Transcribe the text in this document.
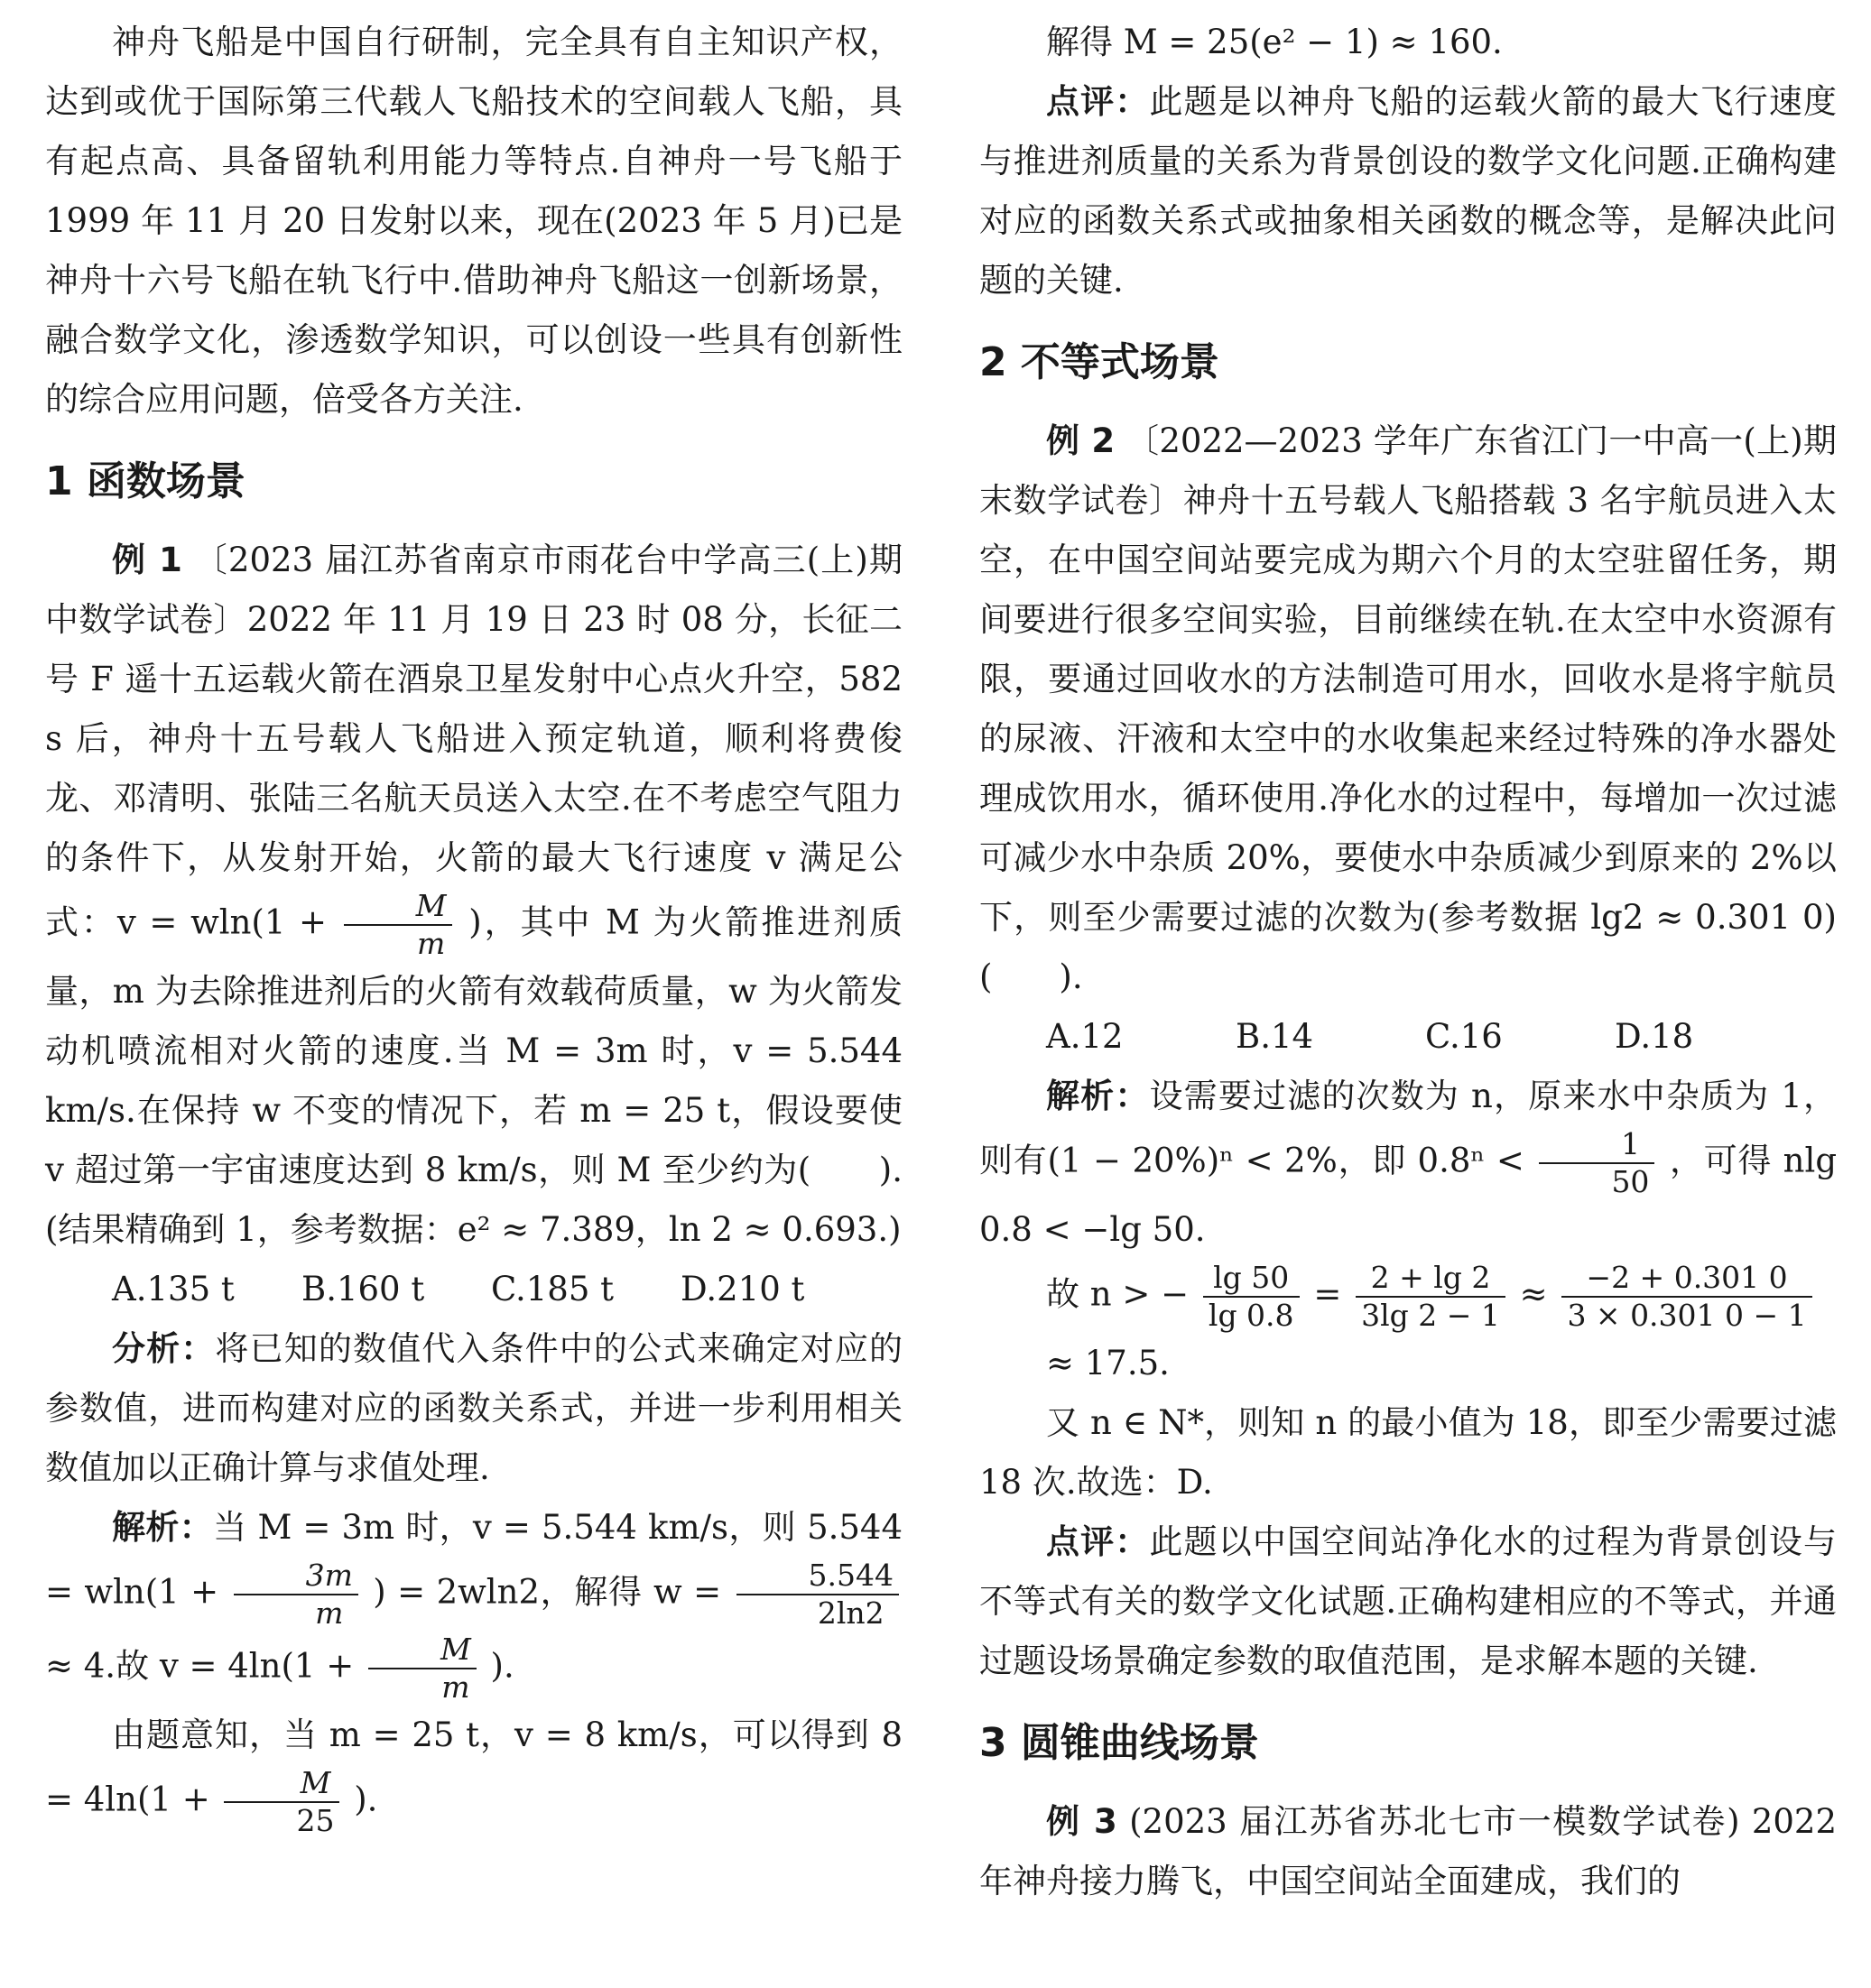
神舟飞船是中国自行研制，完全具有自主知识产权，达到或优于国际第三代载人飞船技术的空间载人飞船，具有起点高、具备留轨利用能力等特点.自神舟一号飞船于 1999 年 11 月 20 日发射以来，现在(2023 年 5 月)已是神舟十六号飞船在轨飞行中.借助神舟飞船这一创新场景，融合数学文化，渗透数学知识，可以创设一些具有创新性的综合应用问题，倍受各方关注.

1 函数场景

例 1 〔2023 届江苏省南京市雨花台中学高三(上)期中数学试卷〕2022 年 11 月 19 日 23 时 08 分，长征二号 F 遥十五运载火箭在酒泉卫星发射中心点火升空，582 s 后，神舟十五号载人飞船进入预定轨道，顺利将费俊龙、邓清明、张陆三名航天员送入太空.在不考虑空气阻力的条件下，从发射开始，火箭的最大飞行速度 v 满足公式：$v = wln(1 + \frac{M}{m}$ )，其中 M 为火箭推进剂质量，m 为去除推进剂后的火箭有效载荷质量，w 为火箭发动机喷流相对火箭的速度.当 M = 3m 时，v = 5.544 km/s.在保持 w 不变的情况下，若 m = 25 t，假设要使 v 超过第一宇宙速度达到 8 km/s，则 M 至少约为(　　).(结果精确到 1，参考数据：e² ≈ 7.389，ln 2 ≈ 0.693.)

A.135 t	B.160 t	C.185 t	D.210 t

分析：将已知的数值代入条件中的公式来确定对应的参数值，进而构建对应的函数关系式，并进一步利用相关数值加以正确计算与求值处理.

解析：当 M = 3m 时，v = 5.544 km/s，则 $5.544 = wln(1 + \frac{3m}{m}$ ) = 2wln2，解得 $w = \frac{5.544}{2\ln 2}$
≈ 4.故 $v = 4\ln(1 + \frac{M}{m}$ ).

由题意知，当 m = 25 t，v = 8 km/s，可以得到 $8 = 4\ln(1 + \frac{M}{25}$ ).

解得 M = 25(e² − 1) ≈ 160.

点评：此题是以神舟飞船的运载火箭的最大飞行速度与推进剂质量的关系为背景创设的数学文化问题.正确构建对应的函数关系式或抽象相关函数的概念等，是解决此问题的关键.

2 不等式场景

例 2 〔2022—2023 学年广东省江门一中高一(上)期末数学试卷〕神舟十五号载人飞船搭载 3 名宇航员进入太空，在中国空间站要完成为期六个月的太空驻留任务，期间要进行很多空间实验，目前继续在轨.在太空中水资源有限，要通过回收水的方法制造可用水，回收水是将宇航员的尿液、汗液和太空中的水收集起来经过特殊的净水器处理成饮用水，循环使用.净化水的过程中，每增加一次过滤可减少水中杂质 20%，要使水中杂质减少到原来的 2%以下，则至少需要过滤的次数为(参考数据 lg2 ≈ 0.301 0)(　　).

A.12	B.14	C.16	D.18

解析：设需要过滤的次数为 n，原来水中杂质为 1，则有(1 − 20%)ⁿ < 2%，即 $0.8^n < \frac{1}{50}$ ，可得 nlg 0.8 < −lg 50.

故 n > − $\frac{\lg 50}{\lg 0.8} = \frac{2 + \lg 2}{3\lg 2 - 1} \approx \frac{-2 + 0.301 0}{3 \times 0.301 0 - 1}$
≈ 17.5.

又 n ∈ N*，则知 n 的最小值为 18，即至少需要过滤 18 次.故选：D.

点评：此题以中国空间站净化水的过程为背景创设与不等式有关的数学文化试题.正确构建相应的不等式，并通过题设场景确定参数的取值范围，是求解本题的关键.

3 圆锥曲线场景

例 3 (2023 届江苏省苏北七市一模数学试卷) 2022 年神舟接力腾飞，中国空间站全面建成，我们的
